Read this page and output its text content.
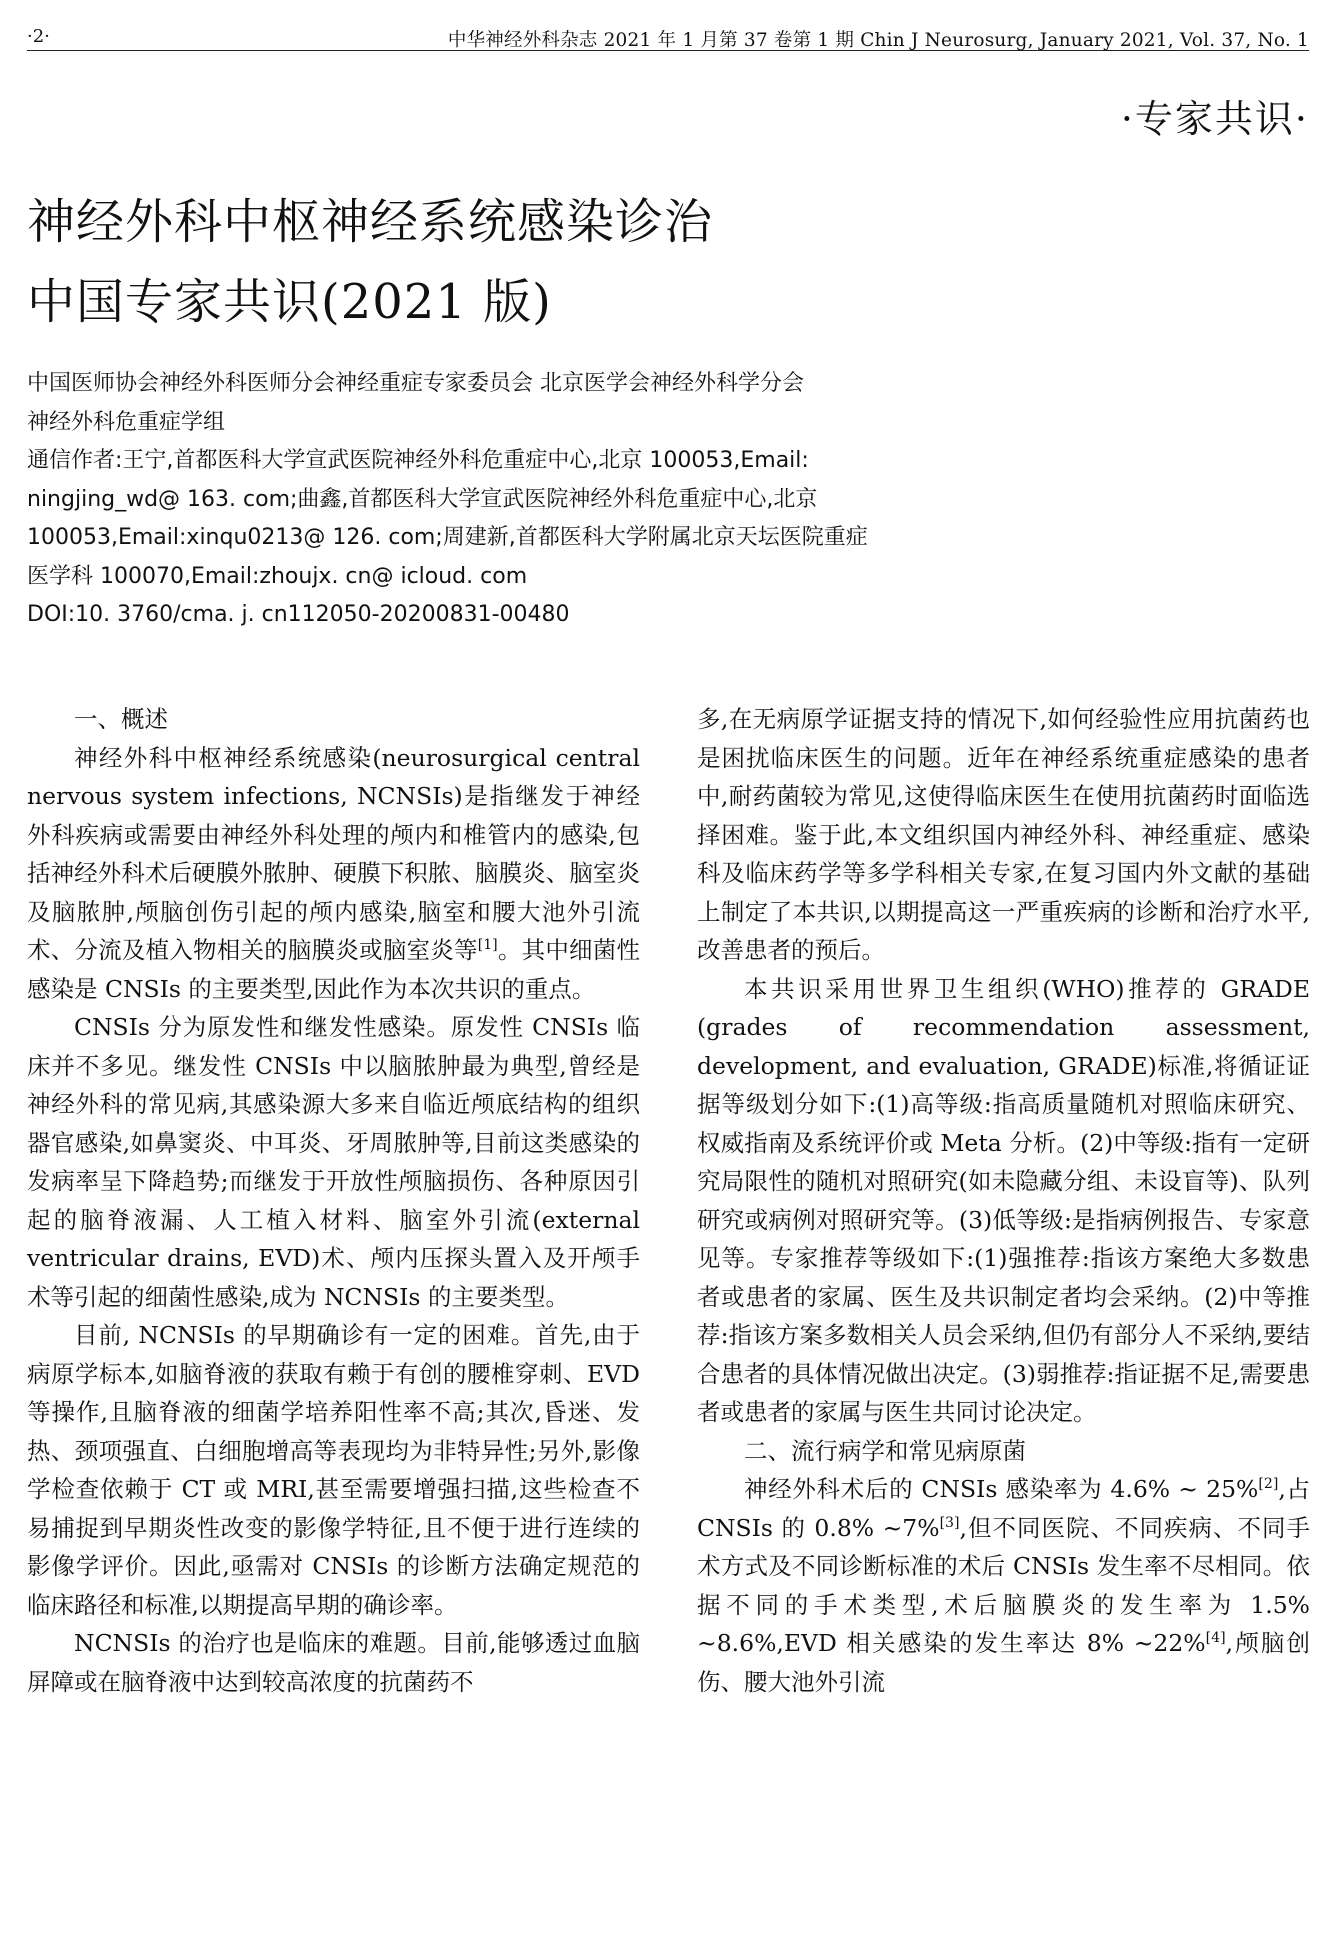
·2·	中华神经外科杂志 2021 年 1 月第 37 卷第 1 期 Chin J Neurosurg, January 2021, Vol. 37, No. 1
·专家共识·
神经外科中枢神经系统感染诊治
中国专家共识(2021 版)
中国医师协会神经外科医师分会神经重症专家委员会 北京医学会神经外科学分会
神经外科危重症学组
通信作者:王宁,首都医科大学宣武医院神经外科危重症中心,北京 100053,Email:
ningjing_wd@ 163. com;曲鑫,首都医科大学宣武医院神经外科危重症中心,北京
100053,Email:xinqu0213@ 126. com;周建新,首都医科大学附属北京天坛医院重症
医学科 100070,Email:zhoujx. cn@ icloud. com
DOI:10. 3760/cma. j. cn112050-20200831-00480

一、概述

神经外科中枢神经系统感染(neurosurgical central nervous system infections, NCNSIs)是指继发于神经外科疾病或需要由神经外科处理的颅内和椎管内的感染,包括神经外科术后硬膜外脓肿、硬膜下积脓、脑膜炎、脑室炎及脑脓肿,颅脑创伤引起的颅内感染,脑室和腰大池外引流术、分流及植入物相关的脑膜炎或脑室炎等[1]。其中细菌性感染是 CNSIs 的主要类型,因此作为本次共识的重点。

CNSIs 分为原发性和继发性感染。原发性 CNSIs 临床并不多见。继发性 CNSIs 中以脑脓肿最为典型,曾经是神经外科的常见病,其感染源大多来自临近颅底结构的组织器官感染,如鼻窦炎、中耳炎、牙周脓肿等,目前这类感染的发病率呈下降趋势;而继发于开放性颅脑损伤、各种原因引起的脑脊液漏、人工植入材料、脑室外引流(external ventricular drains, EVD)术、颅内压探头置入及开颅手术等引起的细菌性感染,成为 NCNSIs 的主要类型。

目前, NCNSIs 的早期确诊有一定的困难。首先,由于病原学标本,如脑脊液的获取有赖于有创的腰椎穿刺、EVD 等操作,且脑脊液的细菌学培养阳性率不高;其次,昏迷、发热、颈项强直、白细胞增高等表现均为非特异性;另外,影像学检查依赖于 CT 或 MRI,甚至需要增强扫描,这些检查不易捕捉到早期炎性改变的影像学特征,且不便于进行连续的影像学评价。因此,亟需对 CNSIs 的诊断方法确定规范的临床路径和标准,以期提高早期的确诊率。

NCNSIs 的治疗也是临床的难题。目前,能够透过血脑屏障或在脑脊液中达到较高浓度的抗菌药不

多,在无病原学证据支持的情况下,如何经验性应用抗菌药也是困扰临床医生的问题。近年在神经系统重症感染的患者中,耐药菌较为常见,这使得临床医生在使用抗菌药时面临选择困难。鉴于此,本文组织国内神经外科、神经重症、感染科及临床药学等多学科相关专家,在复习国内外文献的基础上制定了本共识,以期提高这一严重疾病的诊断和治疗水平,改善患者的预后。

本共识采用世界卫生组织(WHO)推荐的 GRADE (grades of recommendation assessment, development, and evaluation, GRADE)标准,将循证证据等级划分如下:(1)高等级:指高质量随机对照临床研究、权威指南及系统评价或 Meta 分析。(2)中等级:指有一定研究局限性的随机对照研究(如未隐藏分组、未设盲等)、队列研究或病例对照研究等。(3)低等级:是指病例报告、专家意见等。专家推荐等级如下:(1)强推荐:指该方案绝大多数患者或患者的家属、医生及共识制定者均会采纳。(2)中等推荐:指该方案多数相关人员会采纳,但仍有部分人不采纳,要结合患者的具体情况做出决定。(3)弱推荐:指证据不足,需要患者或患者的家属与医生共同讨论决定。

二、流行病学和常见病原菌

神经外科术后的 CNSIs 感染率为 4.6% ~ 25%[2],占 CNSIs 的 0.8% ~7%[3],但不同医院、不同疾病、不同手术方式及不同诊断标准的术后 CNSIs 发生率不尽相同。依据不同的手术类型,术后脑膜炎的发生率为 1.5% ~8.6%,EVD 相关感染的发生率达 8% ~22%[4],颅脑创伤、腰大池外引流
